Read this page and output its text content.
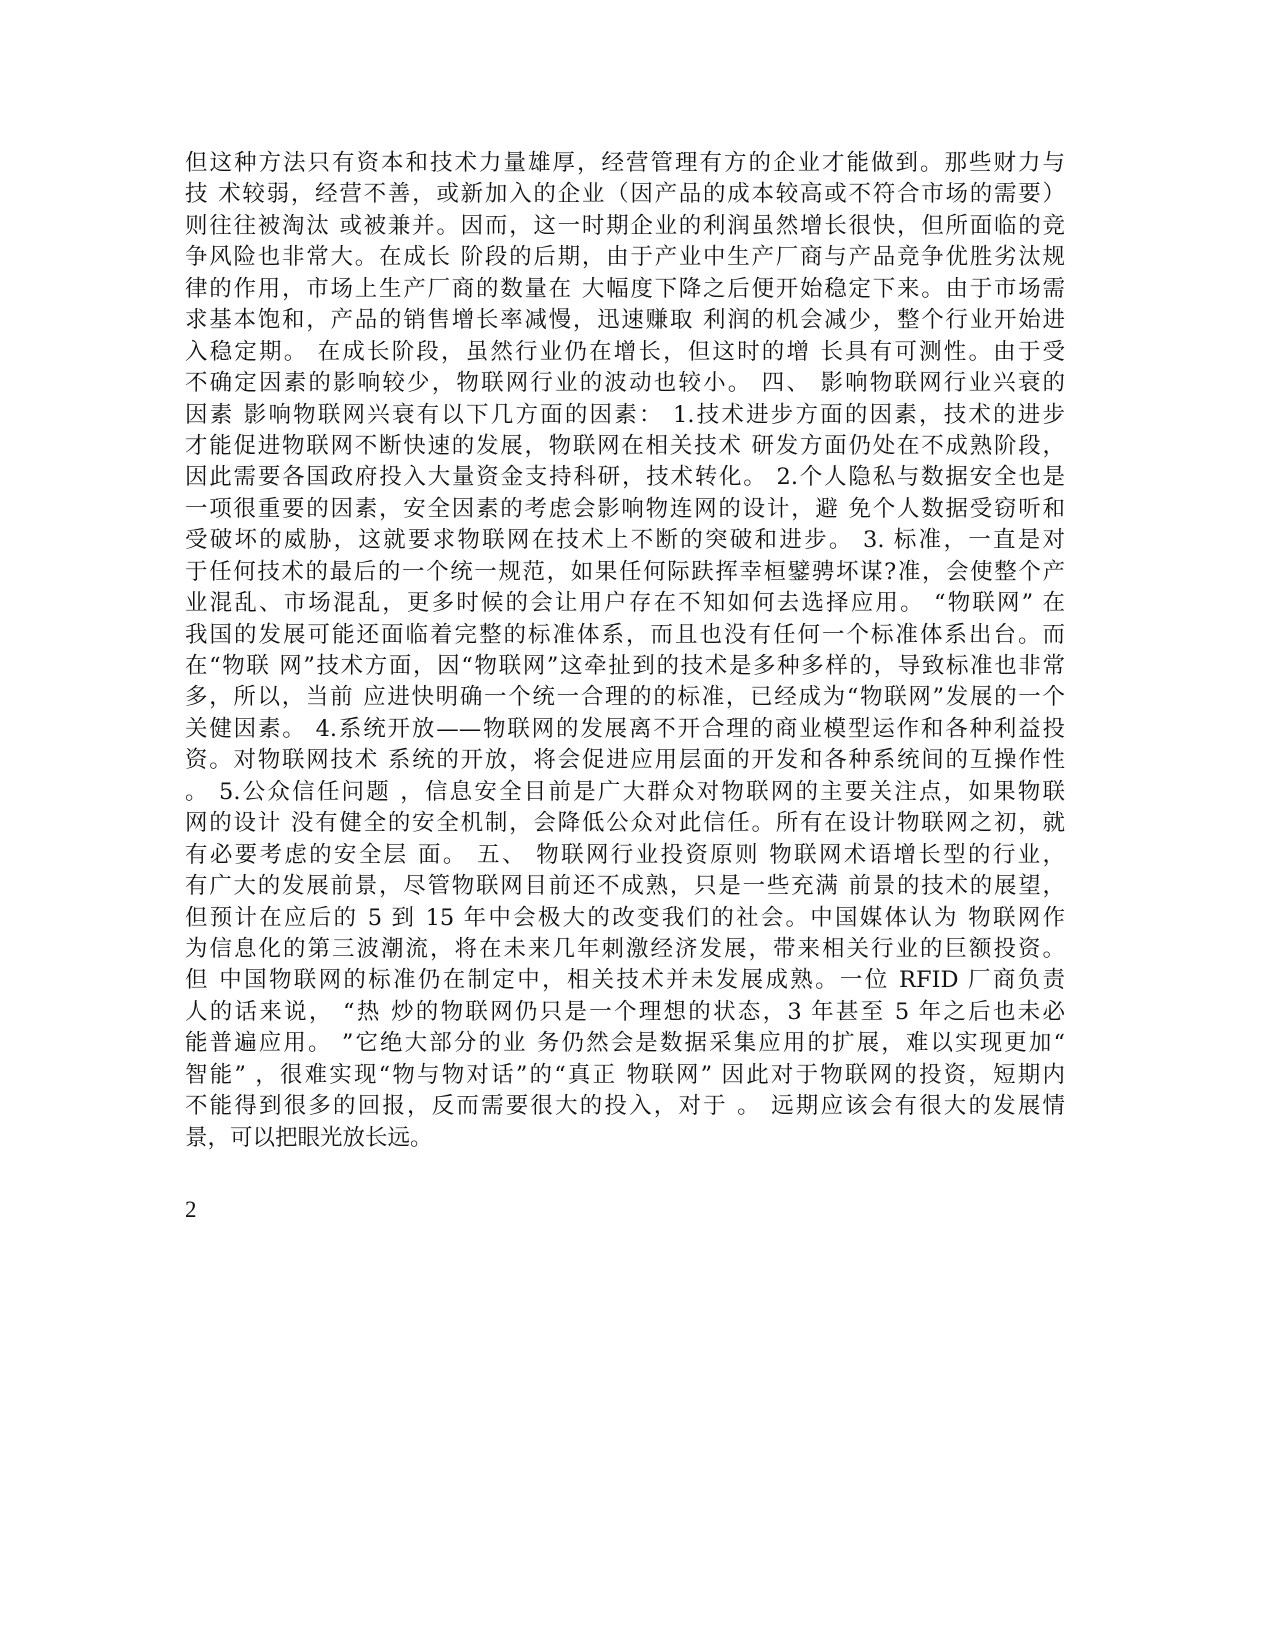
但这种方法只有资本和技术力量雄厚，经营管理有方的企业才能做到。那些财力与
技 术较弱，经营不善，或新加入的企业（因产品的成本较高或不符合市场的需要）
则往往被淘汰 或被兼并。因而，这一时期企业的利润虽然增长很快，但所面临的竞
争风险也非常大。在成长 阶段的后期，由于产业中生产厂商与产品竞争优胜劣汰规
律的作用，市场上生产厂商的数量在 大幅度下降之后便开始稳定下来。由于市场需
求基本饱和，产品的销售增长率减慢，迅速赚取 利润的机会减少，整个行业开始进
入稳定期。 在成长阶段，虽然行业仍在增长，但这时的增 长具有可测性。由于受
不确定因素的影响较少，物联网行业的波动也较小。 四、 影响物联网行业兴衰的
因素 影响物联网兴衰有以下几方面的因素： 1.技术进步方面的因素，技术的进步
才能促进物联网不断快速的发展，物联网在相关技术 研发方面仍处在不成熟阶段，
因此需要各国政府投入大量资金支持科研，技术转化。 2.个人隐私与数据安全也是
一项很重要的因素，安全因素的考虑会影响物连网的设计，避 免个人数据受窃听和
受破坏的威胁，这就要求物联网在技术上不断的突破和进步。 3. 标准，一直是对
于任何技术的最后的一个统一规范，如果任何际趺挥幸桓鐾骋坏谋?准，会使整个产
业混乱、市场混乱，更多时候的会让用户存在不知如何去选择应用。 “物联网” 在
我国的发展可能还面临着完整的标准体系，而且也没有任何一个标准体系出台。而
在“物联 网”技术方面，因“物联网”这牵扯到的技术是多种多样的，导致标准也非常
多，所以，当前 应进快明确一个统一合理的的标准，已经成为“物联网”发展的一个
关健因素。 4.系统开放——物联网的发展离不开合理的商业模型运作和各种利益投
资。对物联网技术 系统的开放，将会促进应用层面的开发和各种系统间的互操作性
。 5.公众信任问题 ，信息安全目前是广大群众对物联网的主要关注点，如果物联
网的设计 没有健全的安全机制，会降低公众对此信任。所有在设计物联网之初，就
有必要考虑的安全层 面。 五、 物联网行业投资原则 物联网术语增长型的行业，
有广大的发展前景，尽管物联网目前还不成熟，只是一些充满 前景的技术的展望，
但预计在应后的 5 到 15 年中会极大的改变我们的社会。中国媒体认为 物联网作
为信息化的第三波潮流，将在未来几年刺激经济发展，带来相关行业的巨额投资。
但 中国物联网的标准仍在制定中，相关技术并未发展成熟。一位 RFID 厂商负责
人的话来说， “热 炒的物联网仍只是一个理想的状态，3 年甚至 5 年之后也未必
能普遍应用。 ”它绝大部分的业 务仍然会是数据采集应用的扩展，难以实现更加“
智能” ，很难实现“物与物对话”的“真正 物联网” 因此对于物联网的投资，短期内
不能得到很多的回报，反而需要很大的投入，对于 。 远期应该会有很大的发展情
景，可以把眼光放长远。
2
